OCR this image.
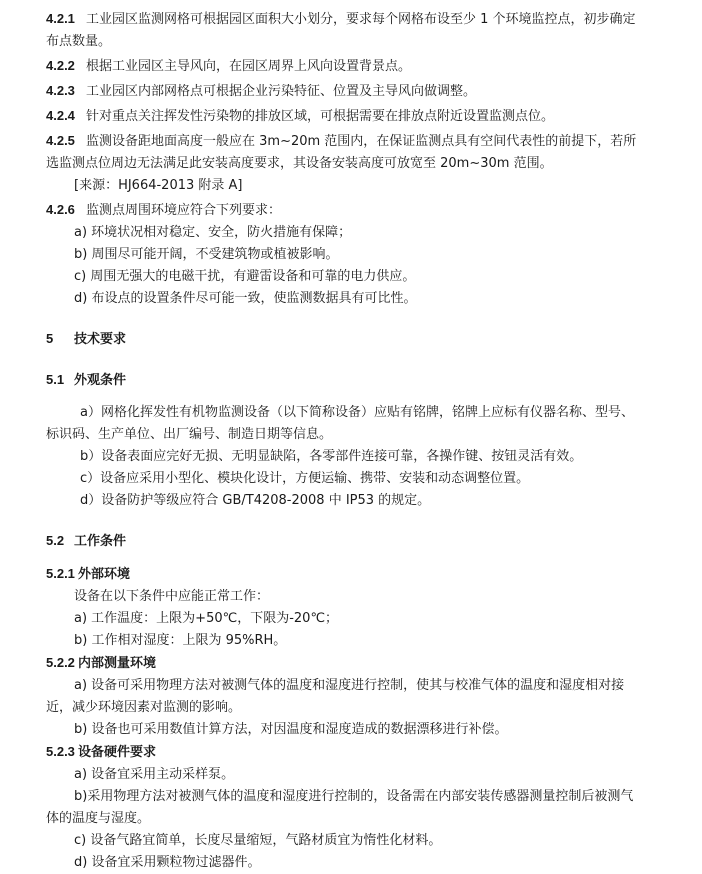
4.2.1 工业园区监测网格可根据园区面积大小划分，要求每个网格布设至少 1 个环境监控点，初步确定
布点数量。
4.2.2 根据工业园区主导风向，在园区周界上风向设置背景点。
4.2.3 工业园区内部网格点可根据企业污染特征、位置及主导风向做调整。
4.2.4 针对重点关注挥发性污染物的排放区域，可根据需要在排放点附近设置监测点位。
4.2.5 监测设备距地面高度一般应在 3m~20m 范围内，在保证监测点具有空间代表性的前提下，若所
选监测点位周边无法满足此安装高度要求，其设备安装高度可放宽至 20m~30m 范围。
[来源：HJ664-2013 附录 A]
4.2.6 监测点周围环境应符合下列要求：
a) 环境状况相对稳定、安全，防火措施有保障；
b) 周围尽可能开阔，不受建筑物或植被影响。
c) 周围无强大的电磁干扰，有避雷设备和可靠的电力供应。
d) 布设点的设置条件尽可能一致，使监测数据具有可比性。
5	技术要求
5.1 外观条件
a）网格化挥发性有机物监测设备（以下简称设备）应贴有铭牌，铭牌上应标有仪器名称、型号、
标识码、生产单位、出厂编号、制造日期等信息。
b）设备表面应完好无损、无明显缺陷，各零部件连接可靠，各操作键、按钮灵活有效。
c）设备应采用小型化、模块化设计，方便运输、携带、安装和动态调整位置。
d）设备防护等级应符合 GB/T4208-2008 中 IP53 的规定。
5.2 工作条件
5.2.1 外部环境
设备在以下条件中应能正常工作：
a) 工作温度：上限为+50℃，下限为-20℃；
b) 工作相对湿度：上限为 95%RH。
5.2.2 内部测量环境
a) 设备可采用物理方法对被测气体的温度和湿度进行控制，使其与校准气体的温度和湿度相对接
近，减少环境因素对监测的影响。
b) 设备也可采用数值计算方法，对因温度和湿度造成的数据漂移进行补偿。
5.2.3 设备硬件要求
a) 设备宜采用主动采样泵。
b)采用物理方法对被测气体的温度和湿度进行控制的，设备需在内部安装传感器测量控制后被测气
体的温度与湿度。
c) 设备气路宜简单，长度尽量缩短，气路材质宜为惰性化材料。
d) 设备宜采用颗粒物过滤器件。
